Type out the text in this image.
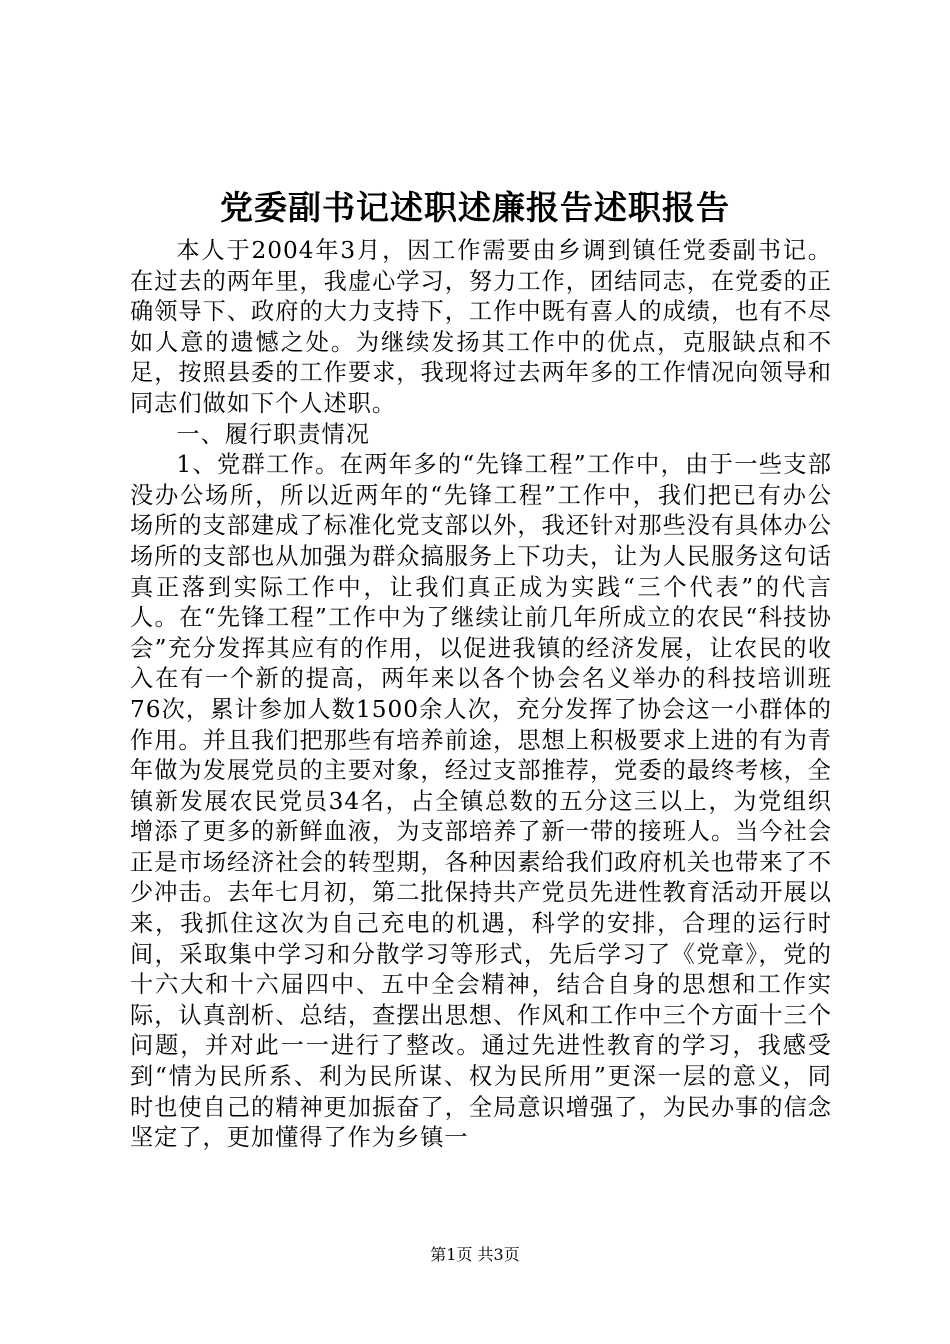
党委副书记述职述廉报告述职报告

本人于2004年3月，因工作需要由乡调到镇任党委副书记。在过去的两年里，我虚心学习，努力工作，团结同志，在党委的正确领导下、政府的大力支持下，工作中既有喜人的成绩，也有不尽如人意的遗憾之处。为继续发扬其工作中的优点，克服缺点和不足，按照县委的工作要求，我现将过去两年多的工作情况向领导和同志们做如下个人述职。

一、履行职责情况

1、党群工作。在两年多的“先锋工程”工作中，由于一些支部没办公场所，所以近两年的“先锋工程”工作中，我们把已有办公场所的支部建成了标准化党支部以外，我还针对那些没有具体办公场所的支部也从加强为群众搞服务上下功夫，让为人民服务这句话真正落到实际工作中，让我们真正成为实践“三个代表”的代言人。在“先锋工程”工作中为了继续让前几年所成立的农民“科技协会”充分发挥其应有的作用，以促进我镇的经济发展，让农民的收入在有一个新的提高，两年来以各个协会名义举办的科技培训班76次，累计参加人数1500余人次，充分发挥了协会这一小群体的作用。并且我们把那些有培养前途，思想上积极要求上进的有为青年做为发展党员的主要对象，经过支部推荐，党委的最终考核，全镇新发展农民党员34名，占全镇总数的五分这三以上，为党组织增添了更多的新鲜血液，为支部培养了新一带的接班人。当今社会正是市场经济社会的转型期，各种因素给我们政府机关也带来了不少冲击。去年七月初，第二批保持共产党员先进性教育活动开展以来，我抓住这次为自己充电的机遇，科学的安排，合理的运行时间，采取集中学习和分散学习等形式，先后学习了《党章》，党的十六大和十六届四中、五中全会精神，结合自身的思想和工作实际，认真剖析、总结，查摆出思想、作风和工作中三个方面十三个问题，并对此一一进行了整改。通过先进性教育的学习，我感受到“情为民所系、利为民所谋、权为民所用”更深一层的意义，同时也使自己的精神更加振奋了，全局意识增强了，为民办事的信念坚定了，更加懂得了作为乡镇一

第1页 共3页
